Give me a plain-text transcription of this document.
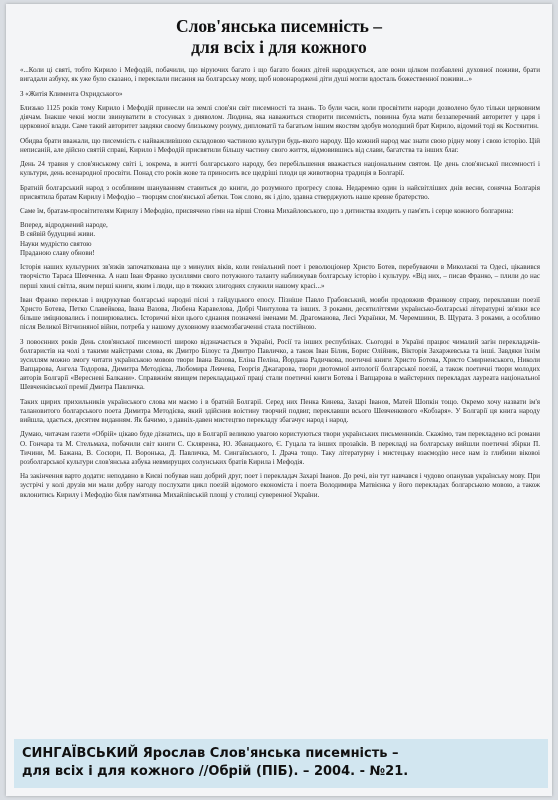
Слов'янська писемність –
для всіх і для кожного

«...Коли ці святі, тобто Кирило і Мефодій, побачили, що віруючих багато і що багато божих дітей народжується, але вони цілком позбавлені духовної поживи, брати вигадали азбуку, як уже було сказано, і переклали писання на болгарську мову, щоб новонароджені діти душі могли вдосталь божественної поживи...»

З «Житія Климента Охридського»

Близько 1125 років тому Кирило і Мефодій принесли на землі слов'ян світ писемності та знань. То були часи, коли просвітити народи дозволено було тільки церковним діячам. Інакше чекні могли звинуватити в стосунках з дияволом. Людина, яка наважиться створити писемність, повинна була мати беззаперечний авторитет у царя і церковної влади. Саме такий авторитет завдяки своєму близькому розуму, дипломатії та багатьом іншим якостям здобув молодший брат Кирило, відомий тоді як Костянтин.

Обидва брати вважали, що писемність є найважливішою складовою частиною культури будь-якого народу. Що кожний народ має знати свою рідну мову і свою історію. Цій неписаній, але дійсно святій справі, Кирило і Мефодій присвятили більшу частину свого життя, відмовившись від слави, багатства та інших благ.

День 24 травня у слов'янському світі і, зокрема, в житті болгарського народу, без перебільшення вважається національним святом. Це день слов'янської писемності і культури, день всенародної просвіти. Понад сто років жове та приносить все щедріші плоди ця животворна традиція в Болгарії.

Братній болгарський народ з особливим шануванням ставиться до книги, до розумного прогресу слова. Недаремно один із найсвітліших днів весни, сонячна Болгарія присвятила братам Кирилу і Мефодію – творцям слов'янської абетки. Тож слово, як і діло, здавна стверджують наше кревне братерство.

Саме їм, братам-просвітителям Кирилу і Мефодію, присвячено гімн на вірші Стояна Михайловського, що з дитинства входить у пам'ять і серце кожного болгарина:

Вперед, відроджений народе,
В сяйвій будущині живи.
Науки мудрістю святою
Праданою славу обнови!

Історія наших культурних зв'язків започаткована ще з минулих віків, коли геніальний поет і революціонер Христо Ботев, перебуваючи в Миколаєві та Одесі, цікавився творчістю Тараса Шевченка. А наш Іван Франко зусиллями свого потужного таланту наближував болгарську історію і культуру. «Від них, – писав Франко, – плили до нас перші хвилі світла, яким перші книги, яким і люди, що в тяжких злигоднях служили нашому красі...»

Іван Франко переклав і видрукував болгарські народні пісні з гайдуцького епосу. Пізніше Павло Грабовський, мовби продовжив Франкову справу, переклавши поезії Христо Ботева, Петко Славейкова, Івана Вазова, Любена Каравелова, Добрі Чинтулова та інших. З роками, десятиліттями українсько-болгарські літературні зв'язки все більше зміцнювались і поширювались. Історичні віхи цього єднання позначені іменами М. Драгоманова, Лесі Українки, М. Черемшини, В. Щурата. З роками, а особливо після Великої Вітчизняної війни, потреба у нашому духовному взаємозбагаченні стала постійною.

З повоєнних років День слов'янської писемності широко відзначається в Україні, Росії та інших республіках. Сьогодні в Україні працює чималий загін перекладачів-болгаристів на чолі з такими майстрами слова, як Дмитро Білоус та Дмитро Павличко, а також Іван Білик, Борис Олійник, Вікторія Захаржевська та інші. Завдяки їхнім зусиллям можно змогу читати українською мовою твори Івана Вазова, Еліна Пеліна, Йордана Радичкова, поетичні книги Христо Ботева, Христо Смирненського, Николи Вапцарова, Ангела Тодорова, Димитра Методієва, Любомира Левчева, Георгія Джагарова, твори двотомної антології болгарської поезії, а також поетичні твори молодих авторів Болгарії «Вересневі Балкани». Справжнім явищем перекладацької праці стали поетичні книги Ботева і Вапцарова в майстерних перекладах лауреата національної Шевченківської премії Дмитра Павличка.

Таких щирих прихильників українського слова ми маємо і в братній Болгарії. Серед них Пенка Кинева, Захарі Іванов, Матей Шопкін тощо. Окремо хочу назвати ім'я талановитого болгарського поета Димитра Методієва, який здійснив воістину творчий подвиг, переклавши всього Шевченкового «Кобзаря». У Болгарії ця книга народу вийшла, здається, десятим виданням. Як бачимо, з давніх-давен мистецтво перекладу збагачує народ і народ.

Думаю, читачам газети «Обрій» цікаво буде дізнатись, що в Болгарії великою увагою користуються твори українських письменників. Скажімо, там перекладено всі романи О. Гончара та М. Стельмаха, побачили світ книги С. Скляренка, Ю. Збанацького, Є. Гуцала та інших прозаїків. В перекладі на болгарську вийшли поетичні збірки П. Тичини, М. Бажана, В. Сосюри, П. Воронька, Д. Павличка, М. Сингаївського, І. Драча тощо. Таку літературну і мистецьку взаємодію несе нам із глибини віковоі розболгарської культури слов'янська азбука невмирущих солунських братів Кирила і Мефодія.

На закінчення варто додати: неподавно в Києві побував наш добрий друг, поет і перекладач Захарі Іванов. До речі, він тут навчався і чудово опанував українську мову. При зустрічі у колі друзів ми мали добру нагоду послухати цикл поезій відомого економіста і поета Володимира Матвієнка у його перекладах болгарською мовою, а також вклонитись Кирилу і Мефодію біля пам'ятника Михайлівській площі у столиці суверенної України.

СИНГАЇВСЬКИЙ Ярослав Слов'янська писемність –
для всіх і для кожного //Обрій (ПІБ). – 2004. - №21.
